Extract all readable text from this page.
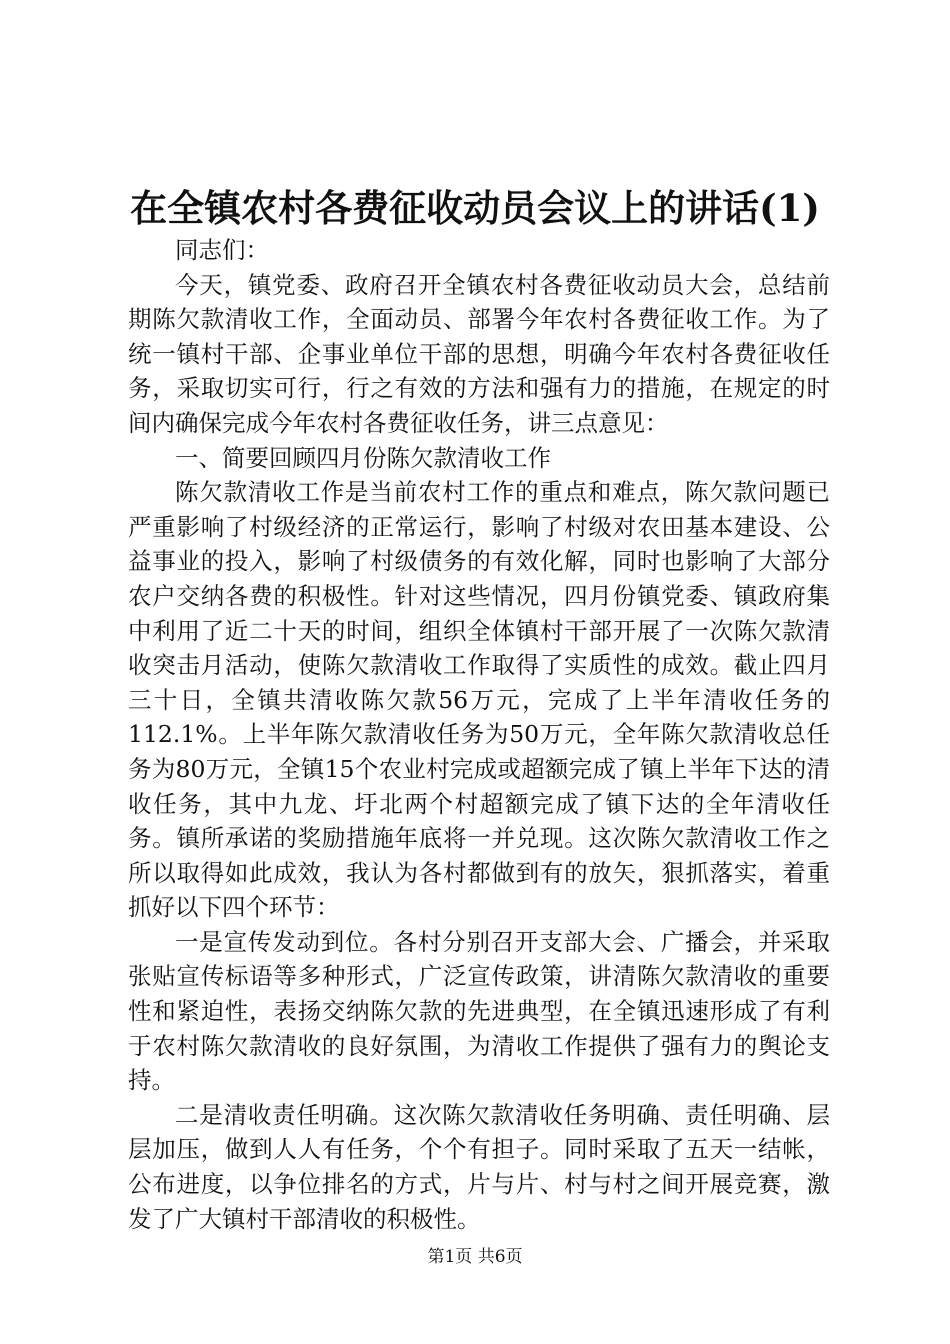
在全镇农村各费征收动员会议上的讲话(1)

同志们：

今天，镇党委、政府召开全镇农村各费征收动员大会，总结前期陈欠款清收工作，全面动员、部署今年农村各费征收工作。为了统一镇村干部、企事业单位干部的思想，明确今年农村各费征收任务，采取切实可行，行之有效的方法和强有力的措施，在规定的时间内确保完成今年农村各费征收任务，讲三点意见：

一、简要回顾四月份陈欠款清收工作

陈欠款清收工作是当前农村工作的重点和难点，陈欠款问题已严重影响了村级经济的正常运行，影响了村级对农田基本建设、公益事业的投入，影响了村级债务的有效化解，同时也影响了大部分农户交纳各费的积极性。针对这些情况，四月份镇党委、镇政府集中利用了近二十天的时间，组织全体镇村干部开展了一次陈欠款清收突击月活动，使陈欠款清收工作取得了实质性的成效。截止四月三十日，全镇共清收陈欠款56万元，完成了上半年清收任务的112.1%。上半年陈欠款清收任务为50万元，全年陈欠款清收总任务为80万元，全镇15个农业村完成或超额完成了镇上半年下达的清收任务，其中九龙、圩北两个村超额完成了镇下达的全年清收任务。镇所承诺的奖励措施年底将一并兑现。这次陈欠款清收工作之所以取得如此成效，我认为各村都做到有的放矢，狠抓落实，着重抓好以下四个环节：

一是宣传发动到位。各村分别召开支部大会、广播会，并采取张贴宣传标语等多种形式，广泛宣传政策，讲清陈欠款清收的重要性和紧迫性，表扬交纳陈欠款的先进典型，在全镇迅速形成了有利于农村陈欠款清收的良好氛围，为清收工作提供了强有力的舆论支持。

二是清收责任明确。这次陈欠款清收任务明确、责任明确、层层加压，做到人人有任务，个个有担子。同时采取了五天一结帐，公布进度，以争位排名的方式，片与片、村与村之间开展竞赛，激发了广大镇村干部清收的积极性。

第1页 共6页
